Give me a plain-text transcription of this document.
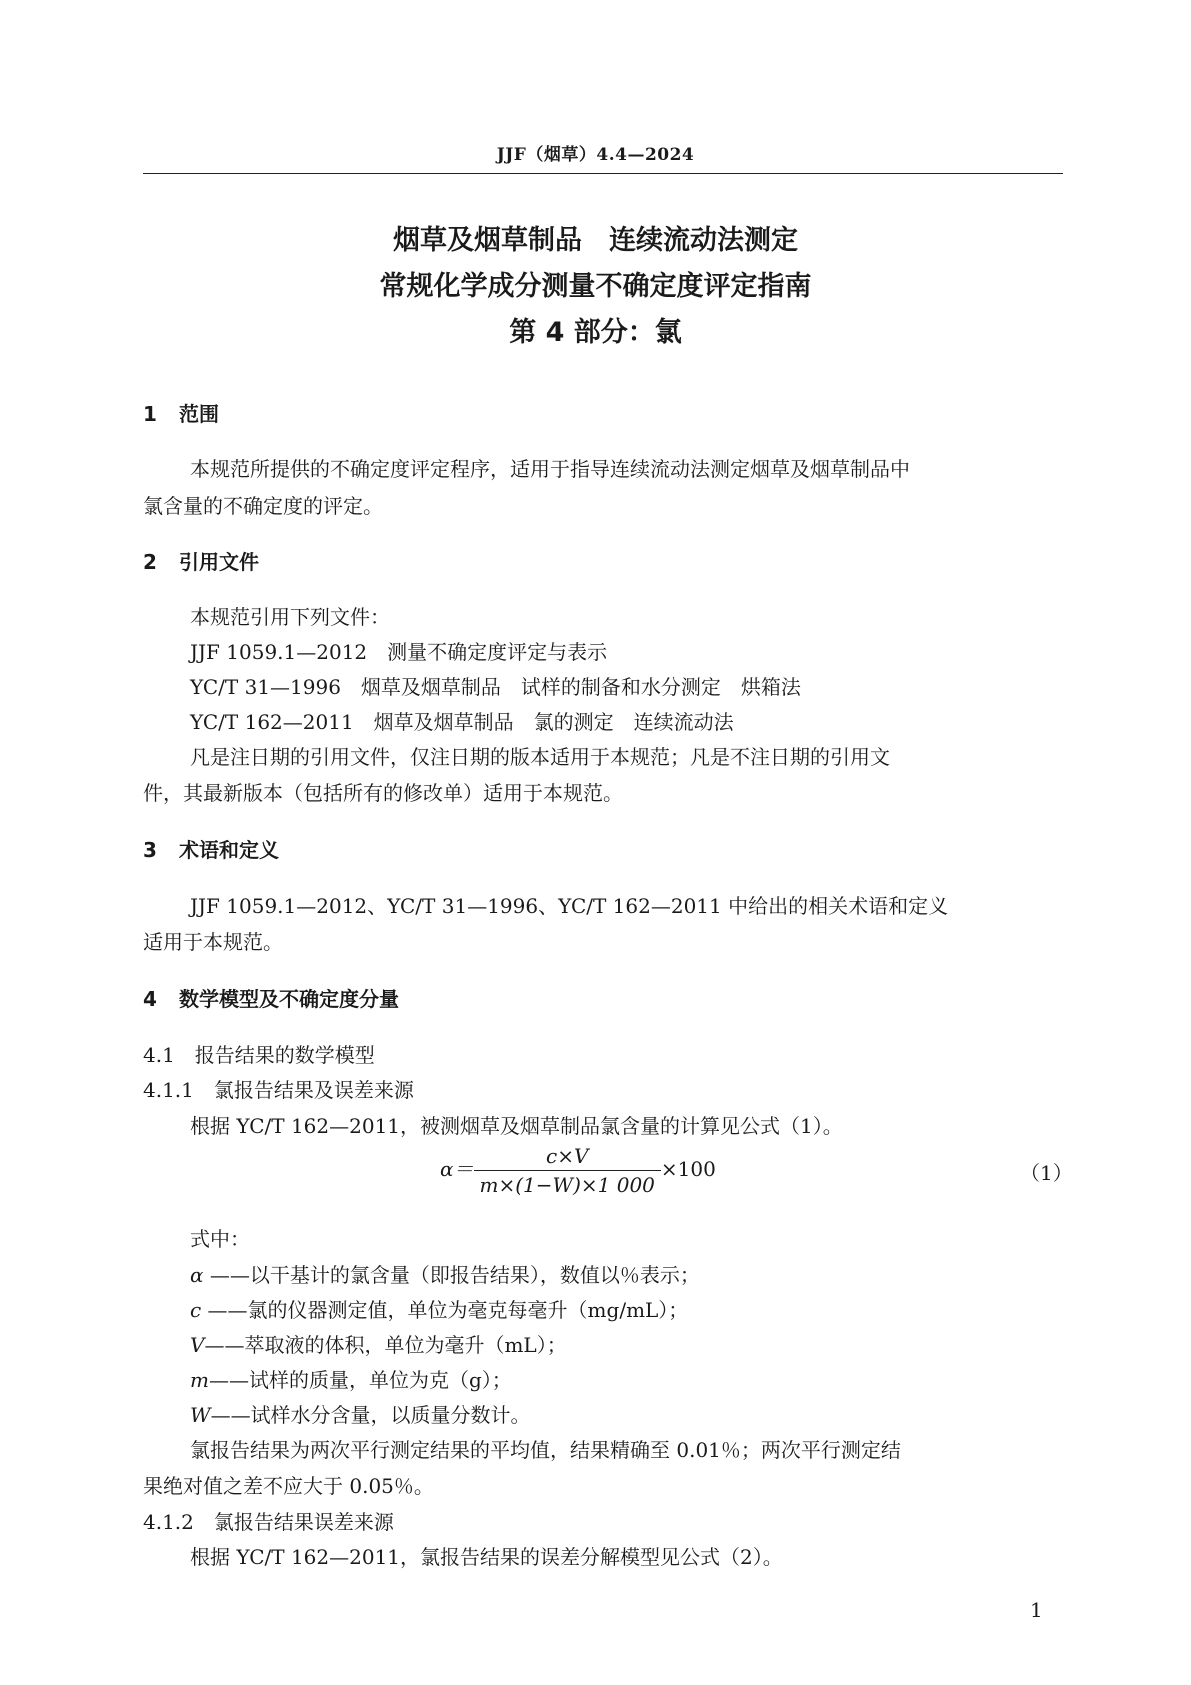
JJF（烟草）4.4—2024
烟草及烟草制品　连续流动法测定
常规化学成分测量不确定度评定指南
第 4 部分：氯
1 范围
本规范所提供的不确定度评定程序，适用于指导连续流动法测定烟草及烟草制品中
氯含量的不确定度的评定。
2 引用文件
本规范引用下列文件：
JJF 1059.1—2012　测量不确定度评定与表示
YC/T 31—1996　烟草及烟草制品　试样的制备和水分测定　烘箱法
YC/T 162—2011　烟草及烟草制品　氯的测定　连续流动法
凡是注日期的引用文件，仅注日期的版本适用于本规范；凡是不注日期的引用文
件，其最新版本（包括所有的修改单）适用于本规范。
3 术语和定义
JJF 1059.1—2012、YC/T 31—1996、YC/T 162—2011 中给出的相关术语和定义
适用于本规范。
4 数学模型及不确定度分量
4.1　报告结果的数学模型
4.1.1　氯报告结果及误差来源
根据 YC/T 162—2011，被测烟草及烟草制品氯含量的计算见公式（1）。
$\alpha= \frac{c\times V}{m\times(1-W)\times 1 000} \times 100$	（1）
式中：
α ——以干基计的氯含量（即报告结果），数值以％表示；
c ——氯的仪器测定值，单位为毫克每毫升（mg/mL）；
V——萃取液的体积，单位为毫升（mL）；
m——试样的质量，单位为克（g）；
W——试样水分含量，以质量分数计。
氯报告结果为两次平行测定结果的平均值，结果精确至 0.01％；两次平行测定结
果绝对值之差不应大于 0.05％。
4.1.2　氯报告结果误差来源
根据 YC/T 162—2011，氯报告结果的误差分解模型见公式（2）。
1
